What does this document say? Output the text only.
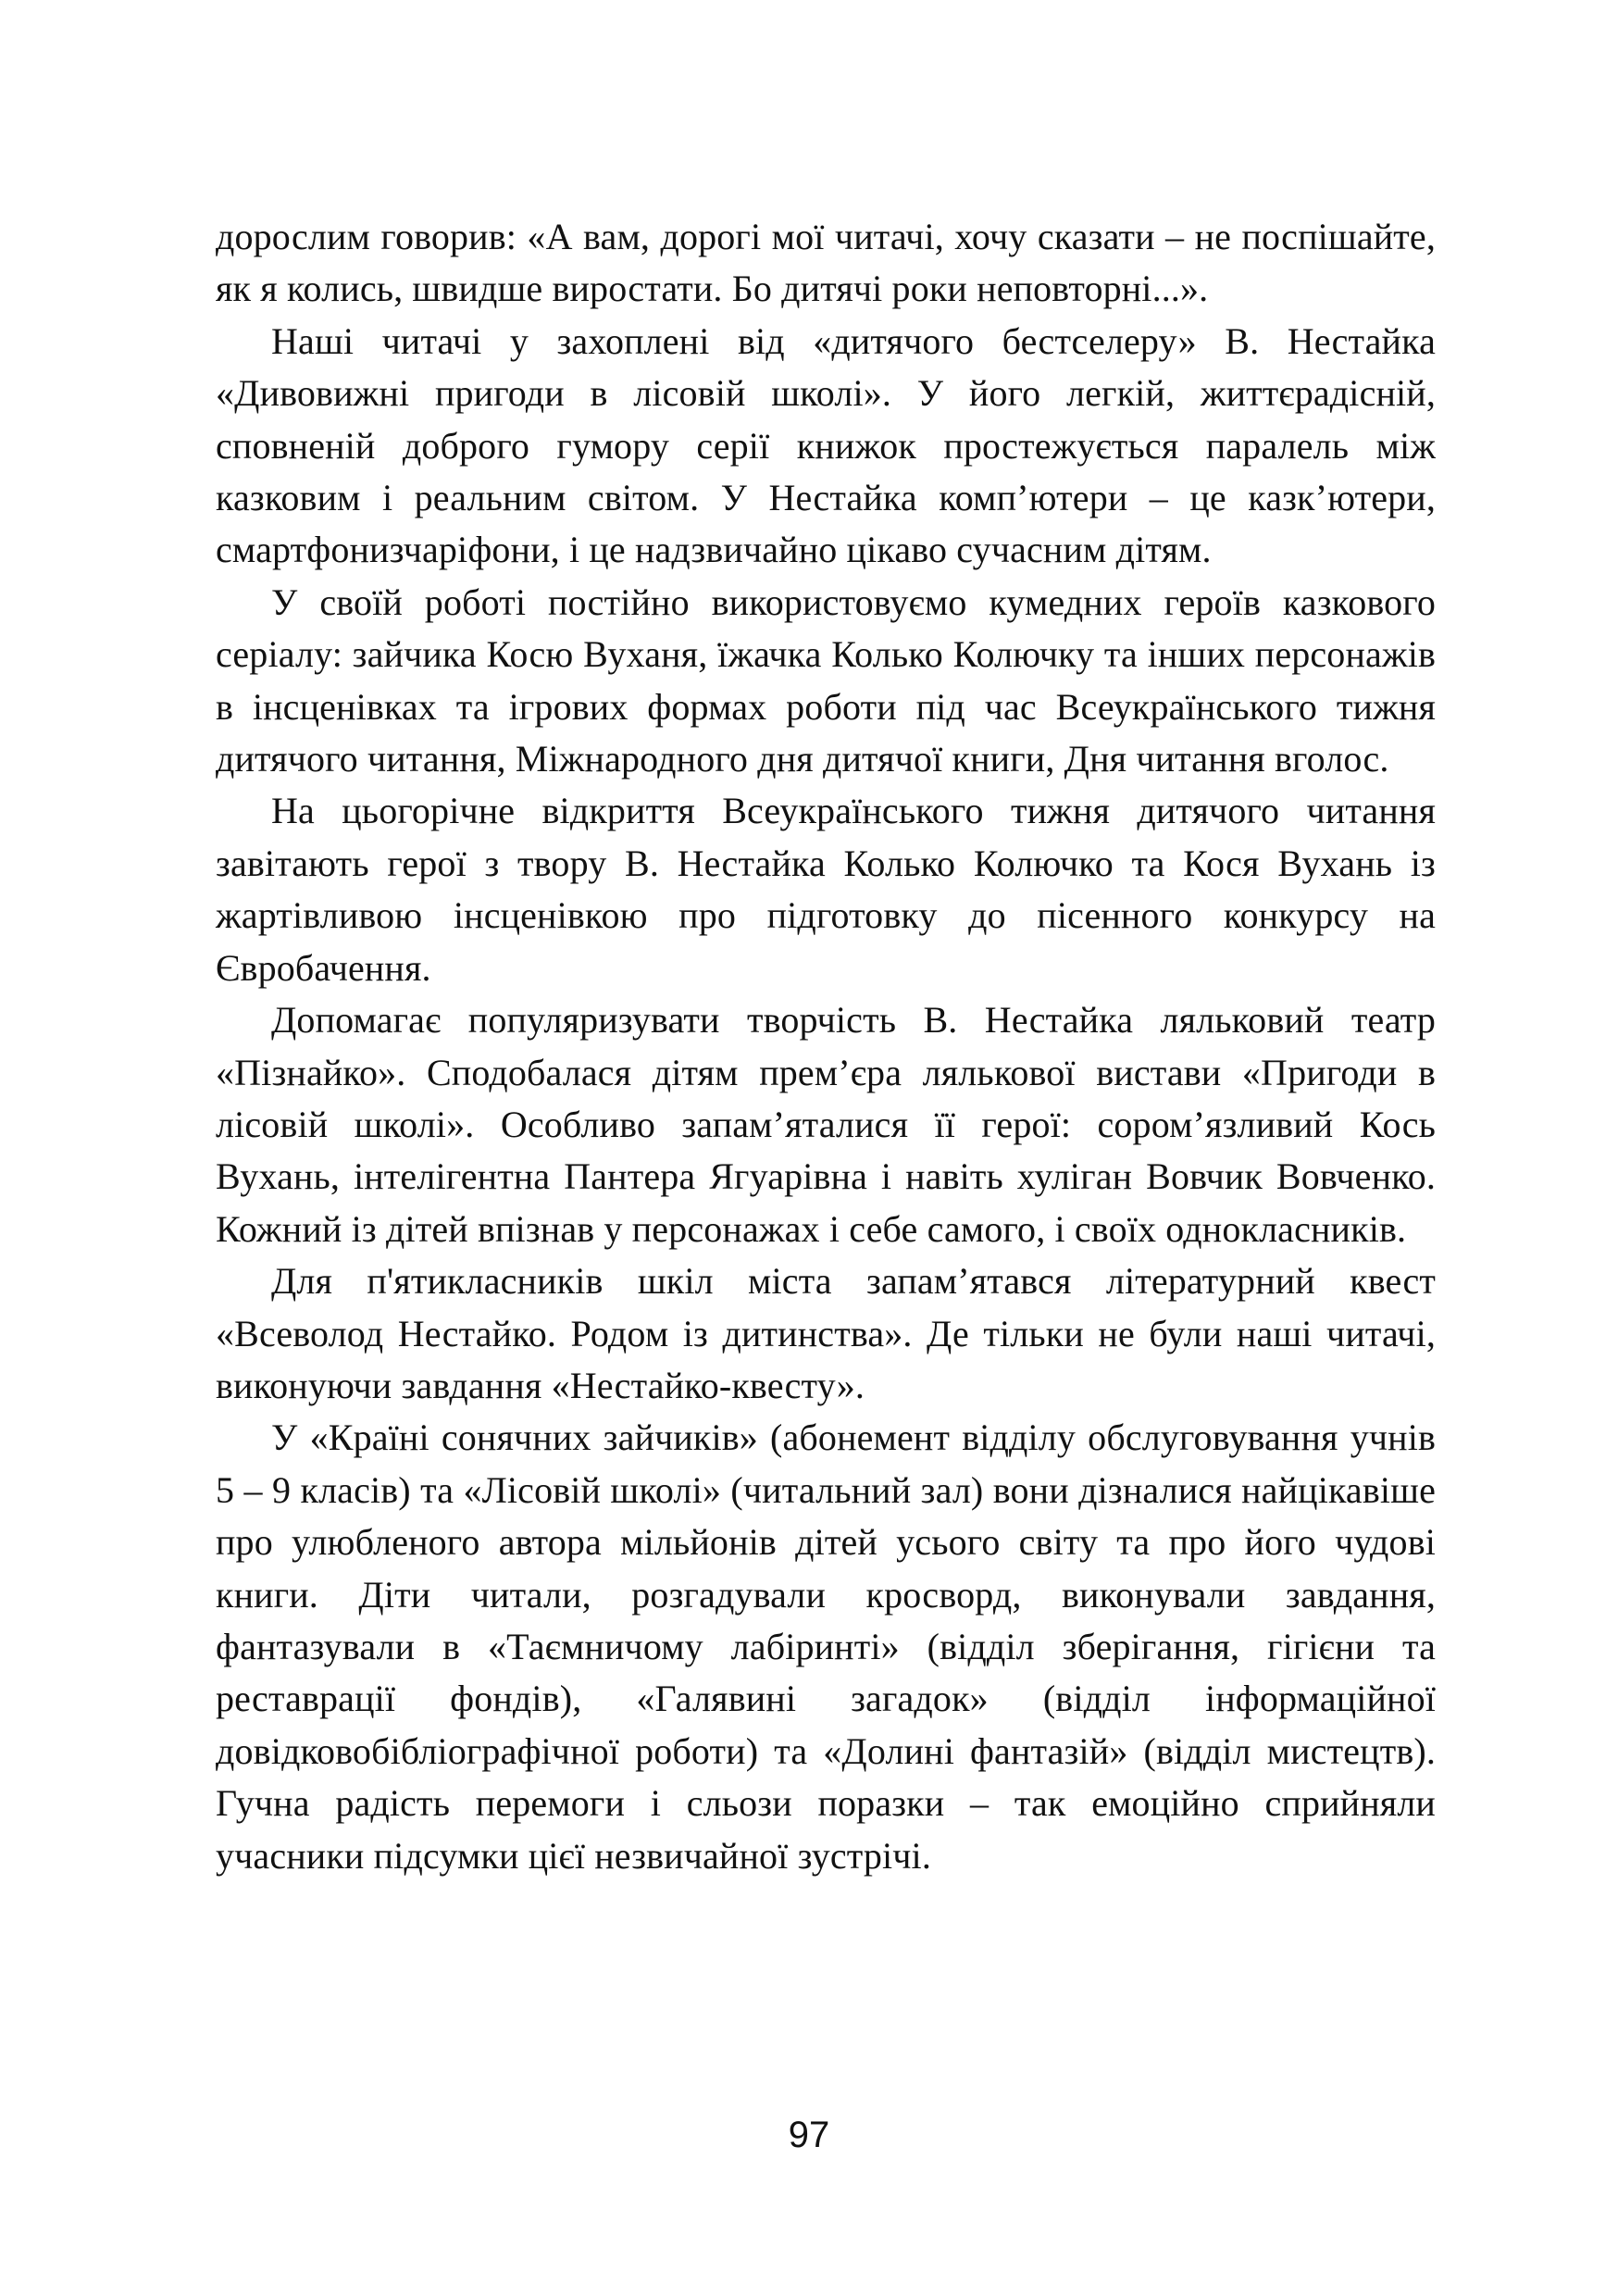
дорослим говорив: «А вам, дорогі мої читачі, хочу сказати – не поспішайте, як я колись, швидше виростати. Бо дитячі роки неповторні...».

Наші читачі у захоплені від «дитячого бестселеру» В. Нестайка «Дивовижні пригоди в лісовій школі». У його легкій, життєрадісній, сповненій доброго гумору серії книжок простежується паралель між казковим і реальним світом. У Нестайка комп’ютери – це казк’ютери, смартфонизчаріфони, і це надзвичайно цікаво сучасним дітям.

У своїй роботі постійно використовуємо кумедних героїв казкового серіалу: зайчика Косю Вуханя, їжачка Колько Колючку та інших персонажів в інсценівках та ігрових формах роботи під час Всеукраїнського тижня дитячого читання, Міжнародного дня дитячої книги, Дня читання вголос.

На цьогорічне відкриття Всеукраїнського тижня дитячого читання завітають герої з твору В. Нестайка Колько Колючко та Кося Вухань із жартівливою інсценівкою про підготовку до пісенного конкурсу на Євробачення.

Допомагає популяризувати творчість В. Нестайка ляльковий театр «Пізнайко». Сподобалася дітям прем’єра лялькової вистави «Пригоди в лісовій школі». Особливо запам’яталися її герої: сором’язливий Кось Вухань, інтелігентна Пантера Ягуарівна і навіть хуліган Вовчик Вовченко. Кожний із дітей впізнав у персонажах і себе самого, і своїх однокласників.

Для п'ятикласників шкіл міста запам’ятався літературний квест «Всеволод Нестайко. Родом із дитинства». Де тільки не були наші читачі, виконуючи завдання «Нестайко-квесту».

У «Країні сонячних зайчиків» (абонемент відділу обслуговування учнів 5 – 9 класів) та «Лісовій школі» (читальний зал) вони дізналися найцікавіше про улюбленого автора мільйонів дітей усього світу та про його чудові книги. Діти читали, розгадували кросворд, виконували завдання, фантазували в «Таємничому лабіринті» (відділ зберігання, гігієни та реставрації фондів), «Галявині загадок» (відділ інформаційної довідковобібліографічної роботи) та «Долині фантазій» (відділ мистецтв). Гучна радість перемоги і сльози поразки – так емоційно сприйняли учасники підсумки цієї незвичайної зустрічі.

97
